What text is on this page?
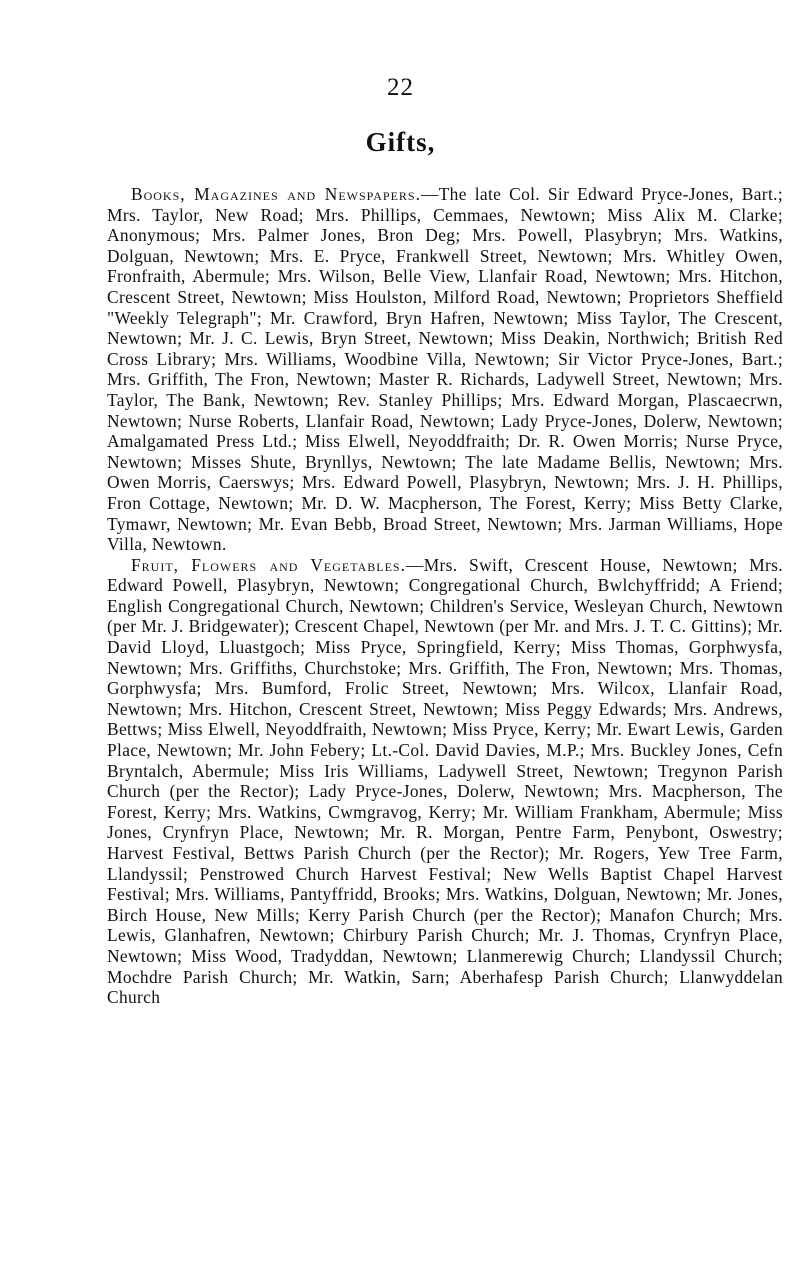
22
Gifts,

Books, Magazines and Newspapers.—The late Col. Sir Edward Pryce-Jones, Bart.; Mrs. Taylor, New Road; Mrs. Phillips, Cemmaes, Newtown; Miss Alix M. Clarke; Anonymous; Mrs. Palmer Jones, Bron Deg; Mrs. Powell, Plasybryn; Mrs. Watkins, Dolguan, Newtown; Mrs. E. Pryce, Frankwell Street, Newtown; Mrs. Whitley Owen, Fronfraith, Abermule; Mrs. Wilson, Belle View, Llanfair Road, Newtown; Mrs. Hitchon, Crescent Street, Newtown; Miss Houlston, Milford Road, Newtown; Proprietors Sheffield "Weekly Telegraph"; Mr. Crawford, Bryn Hafren, Newtown; Miss Taylor, The Crescent, Newtown; Mr. J. C. Lewis, Bryn Street, Newtown; Miss Deakin, Northwich; British Red Cross Library; Mrs. Williams, Woodbine Villa, Newtown; Sir Victor Pryce-Jones, Bart.; Mrs. Griffith, The Fron, Newtown; Master R. Richards, Ladywell Street, Newtown; Mrs. Taylor, The Bank, Newtown; Rev. Stanley Phillips; Mrs. Edward Morgan, Plascaecrwn, Newtown; Nurse Roberts, Llanfair Road, Newtown; Lady Pryce-Jones, Dolerw, Newtown; Amalgamated Press Ltd.; Miss Elwell, Neyoddfraith; Dr. R. Owen Morris; Nurse Pryce, Newtown; Misses Shute, Brynllys, Newtown; The late Madame Bellis, Newtown; Mrs. Owen Morris, Caerswys; Mrs. Edward Powell, Plasybryn, Newtown; Mrs. J. H. Phillips, Fron Cottage, Newtown; Mr. D. W. Macpherson, The Forest, Kerry; Miss Betty Clarke, Tymawr, Newtown; Mr. Evan Bebb, Broad Street, Newtown; Mrs. Jarman Williams, Hope Villa, Newtown.

Fruit, Flowers and Vegetables.—Mrs. Swift, Crescent House, Newtown; Mrs. Edward Powell, Plasybryn, Newtown; Congregational Church, Bwlchyffridd; A Friend; English Congregational Church, Newtown; Children's Service, Wesleyan Church, Newtown (per Mr. J. Bridgewater); Crescent Chapel, Newtown (per Mr. and Mrs. J. T. C. Gittins); Mr. David Lloyd, Lluastgoch; Miss Pryce, Springfield, Kerry; Miss Thomas, Gorphwysfa, Newtown; Mrs. Griffiths, Churchstoke; Mrs. Griffith, The Fron, Newtown; Mrs. Thomas, Gorphwysfa; Mrs. Bumford, Frolic Street, Newtown; Mrs. Wilcox, Llanfair Road, Newtown; Mrs. Hitchon, Crescent Street, Newtown; Miss Peggy Edwards; Mrs. Andrews, Bettws; Miss Elwell, Neyoddfraith, Newtown; Miss Pryce, Kerry; Mr. Ewart Lewis, Garden Place, Newtown; Mr. John Febery; Lt.-Col. David Davies, M.P.; Mrs. Buckley Jones, Cefn Bryntalch, Abermule; Miss Iris Williams, Ladywell Street, Newtown; Tregynon Parish Church (per the Rector); Lady Pryce-Jones, Dolerw, Newtown; Mrs. Macpherson, The Forest, Kerry; Mrs. Watkins, Cwmgravog, Kerry; Mr. William Frankham, Abermule; Miss Jones, Crynfryn Place, Newtown; Mr. R. Morgan, Pentre Farm, Penybont, Oswestry; Harvest Festival, Bettws Parish Church (per the Rector); Mr. Rogers, Yew Tree Farm, Llandyssil; Penstrowed Church Harvest Festival; New Wells Baptist Chapel Harvest Festival; Mrs. Williams, Pantyffridd, Brooks; Mrs. Watkins, Dolguan, Newtown; Mr. Jones, Birch House, New Mills; Kerry Parish Church (per the Rector); Manafon Church; Mrs. Lewis, Glanhafren, Newtown; Chirbury Parish Church; Mr. J. Thomas, Crynfryn Place, Newtown; Miss Wood, Tradyddan, Newtown; Llanmerewig Church; Llandyssil Church; Mochdre Parish Church; Mr. Watkin, Sarn; Aberhafesp Parish Church; Llanwyddelan Church
